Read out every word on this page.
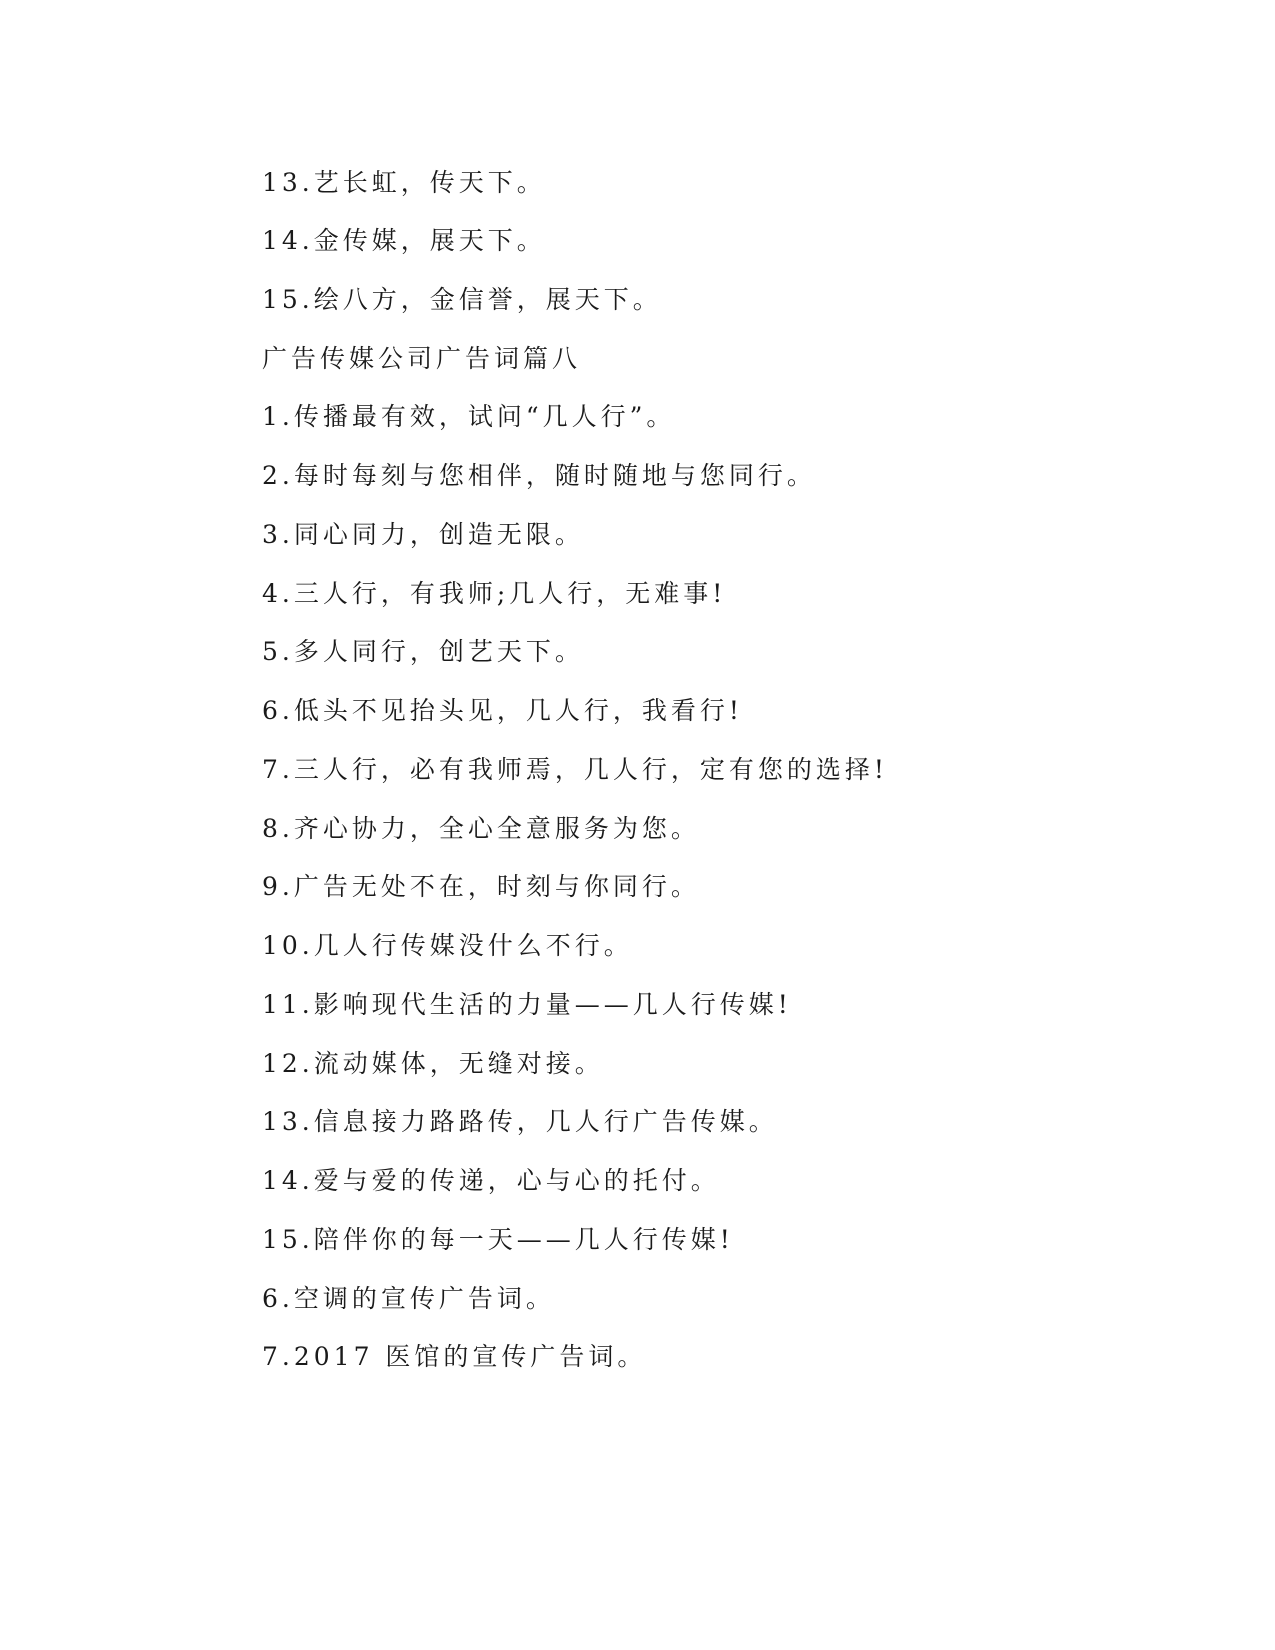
13.艺长虹，传天下。
14.金传媒，展天下。
15.绘八方，金信誉，展天下。
广告传媒公司广告词篇八
1.传播最有效，试问“几人行”。
2.每时每刻与您相伴，随时随地与您同行。
3.同心同力，创造无限。
4.三人行，有我师;几人行，无难事!
5.多人同行，创艺天下。
6.低头不见抬头见，几人行，我看行!
7.三人行，必有我师焉，几人行，定有您的选择!
8.齐心协力，全心全意服务为您。
9.广告无处不在，时刻与你同行。
10.几人行传媒没什么不行。
11.影响现代生活的力量——几人行传媒!
12.流动媒体，无缝对接。
13.信息接力路路传，几人行广告传媒。
14.爱与爱的传递，心与心的托付。
15.陪伴你的每一天——几人行传媒!
6.空调的宣传广告词。
7.2017 医馆的宣传广告词。
